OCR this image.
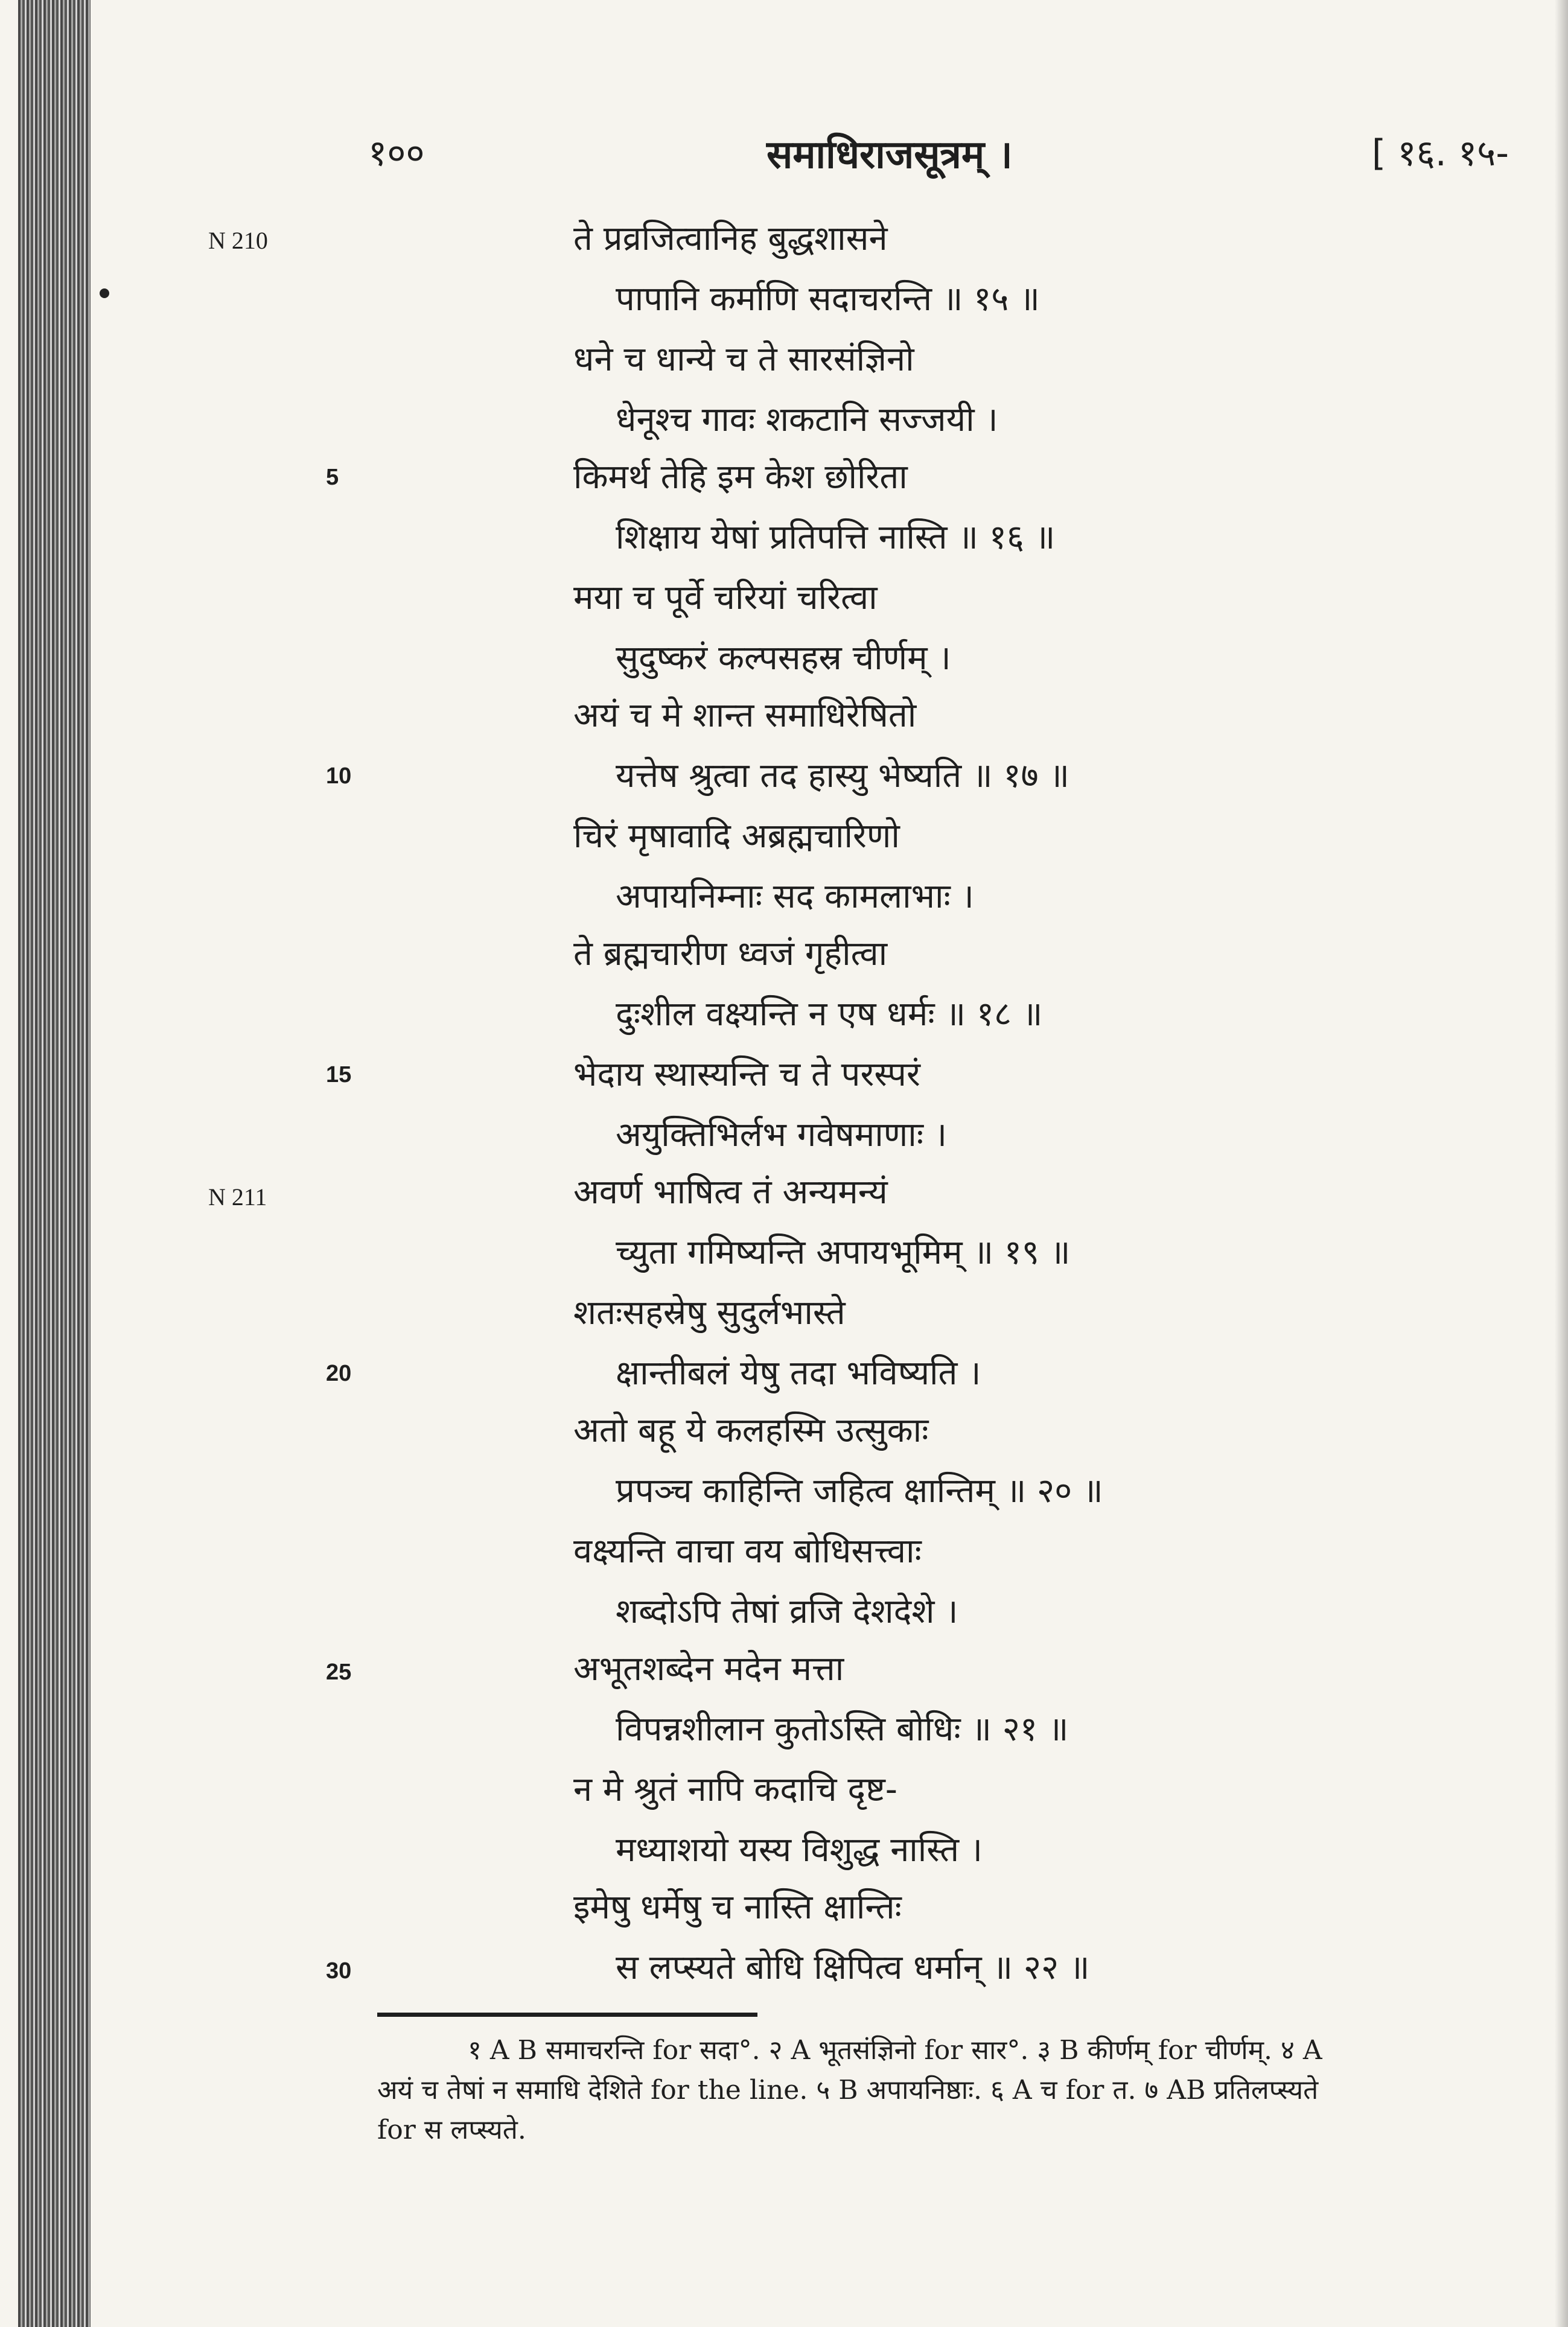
१००	समाधिराजसूत्रम् ।	[ १६. १५-
N 210
N 211
5
10
15
20
25
30
ते प्रव्रजित्वानिह बुद्धशासने
पापानि कर्माणि सदाचरन्ति ॥ १५ ॥
धने च धान्ये च ते सारसंज्ञिनो
धेनूश्च गावः शकटानि सज्जयी ।
किमर्थ तेहि इम केश छोरिता
शिक्षाय येषां प्रतिपत्ति नास्ति ॥ १६ ॥
मया च पूर्वे चरियां चरित्वा
सुदुष्करं कल्पसहस्र चीर्णम् ।
अयं च मे शान्त समाधिरेषितो
यत्तेष श्रुत्वा तद हास्यु भेष्यति ॥ १७ ॥
चिरं मृषावादि अब्रह्मचारिणो
अपायनिम्नाः सद कामलाभाः ।
ते ब्रह्मचारीण ध्वजं गृहीत्वा
दुःशील वक्ष्यन्ति न एष धर्मः ॥ १८ ॥
भेदाय स्थास्यन्ति च ते परस्परं
अयुक्तिभिर्लभ गवेषमाणाः ।
अवर्ण भाषित्व तं अन्यमन्यं
च्युता गमिष्यन्ति अपायभूमिम् ॥ १९ ॥
शतःसहस्रेषु सुदुर्लभास्ते
क्षान्तीबलं येषु तदा भविष्यति ।
अतो बहू ये कलहस्मि उत्सुकाः
प्रपञ्च काहिन्ति जहित्व क्षान्तिम् ॥ २० ॥
वक्ष्यन्ति वाचा वय बोधिसत्त्वाः
शब्दोऽपि तेषां व्रजि देशदेशे ।
अभूतशब्देन मदेन मत्ता
विपन्नशीलान कुतोऽस्ति बोधिः ॥ २१ ॥
न मे श्रुतं नापि कदाचि दृष्ट-
मध्याशयो यस्य विशुद्ध नास्ति ।
इमेषु धर्मेषु च नास्ति क्षान्तिः
स लप्स्यते बोधि क्षिपित्व धर्मान् ॥ २२ ॥
१ A B समाचरन्ति for सदा°. २ A भूतसंज्ञिनो for सार°. ३ B कीर्णम् for चीर्णम्. ४ A
अयं च तेषां न समाधि देशिते for the line. ५ B अपायनिष्ठाः. ६ A च for त. ७ AB प्रतिलप्स्यते
for स लप्स्यते.
